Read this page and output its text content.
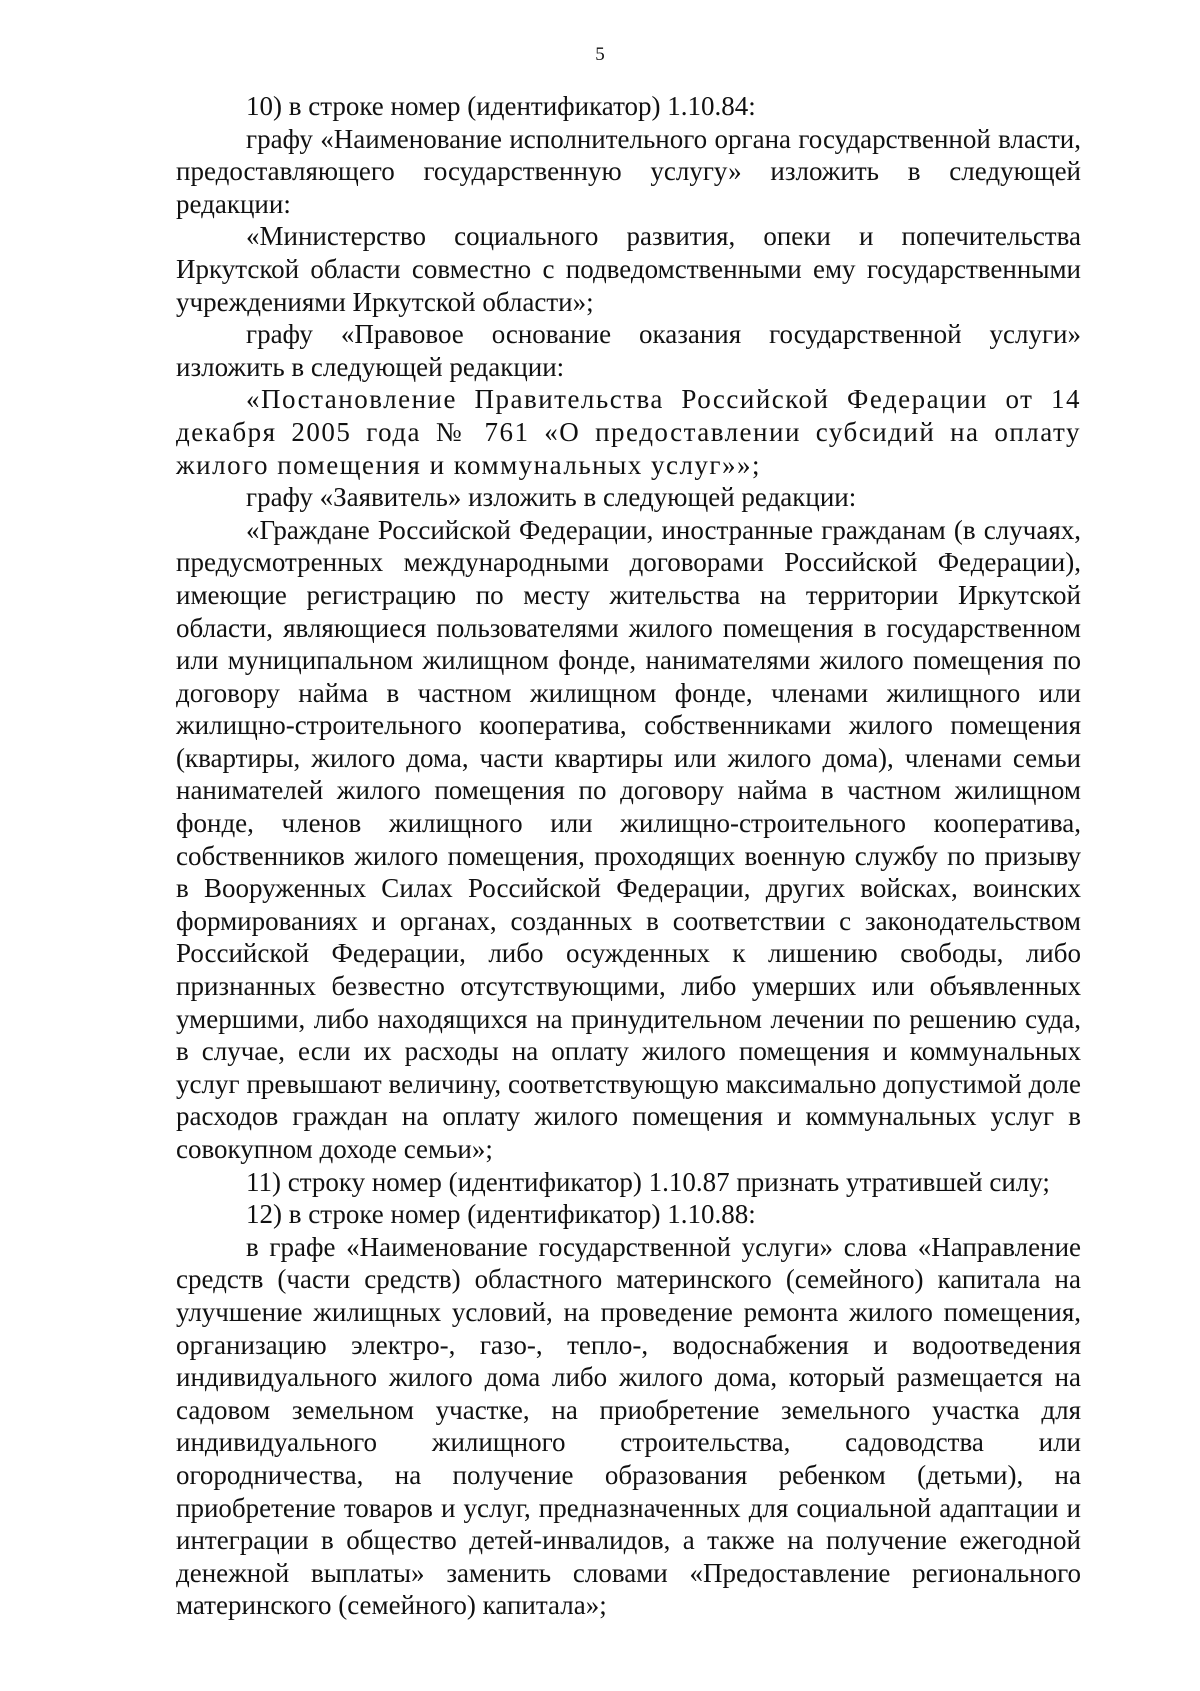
5

10) в строке номер (идентификатор) 1.10.84:

графу «Наименование исполнительного органа государственной власти, предоставляющего государственную услугу» изложить в следующей редакции:

«Министерство социального развития, опеки и попечительства Иркутской области совместно с подведомственными ему государственными учреждениями Иркутской области»;

графу «Правовое основание оказания государственной услуги» изложить в следующей редакции:

«Постановление Правительства Российской Федерации от 14 декабря 2005 года № 761 «О предоставлении субсидий на оплату жилого помещения и коммунальных услуг»»;

графу «Заявитель» изложить в следующей редакции:

«Граждане Российской Федерации, иностранные гражданам (в случаях, предусмотренных международными договорами Российской Федерации), имеющие регистрацию по месту жительства на территории Иркутской области, являющиеся пользователями жилого помещения в государственном или муниципальном жилищном фонде, нанимателями жилого помещения по договору найма в частном жилищном фонде, членами жилищного или жилищно-строительного кооператива, собственниками жилого помещения (квартиры, жилого дома, части квартиры или жилого дома), членами семьи нанимателей жилого помещения по договору найма в частном жилищном фонде, членов жилищного или жилищно-строительного кооператива, собственников жилого помещения, проходящих военную службу по призыву в Вооруженных Силах Российской Федерации, других войсках, воинских формированиях и органах, созданных в соответствии с законодательством Российской Федерации, либо осужденных к лишению свободы, либо признанных безвестно отсутствующими, либо умерших или объявленных умершими, либо находящихся на принудительном лечении по решению суда, в случае, если их расходы на оплату жилого помещения и коммунальных услуг превышают величину, соответствующую максимально допустимой доле расходов граждан на оплату жилого помещения и коммунальных услуг в совокупном доходе семьи»;

11) строку номер (идентификатор) 1.10.87 признать утратившей силу;

12) в строке номер (идентификатор) 1.10.88:

в графе «Наименование государственной услуги» слова «Направление средств (части средств) областного материнского (семейного) капитала на улучшение жилищных условий, на проведение ремонта жилого помещения, организацию электро-, газо-, тепло-, водоснабжения и водоотведения индивидуального жилого дома либо жилого дома, который размещается на садовом земельном участке, на приобретение земельного участка для индивидуального жилищного строительства, садоводства или огородничества, на получение образования ребенком (детьми), на приобретение товаров и услуг, предназначенных для социальной адаптации и интеграции в общество детей-инвалидов, а также на получение ежегодной денежной выплаты» заменить словами «Предоставление регионального материнского (семейного) капитала»;
